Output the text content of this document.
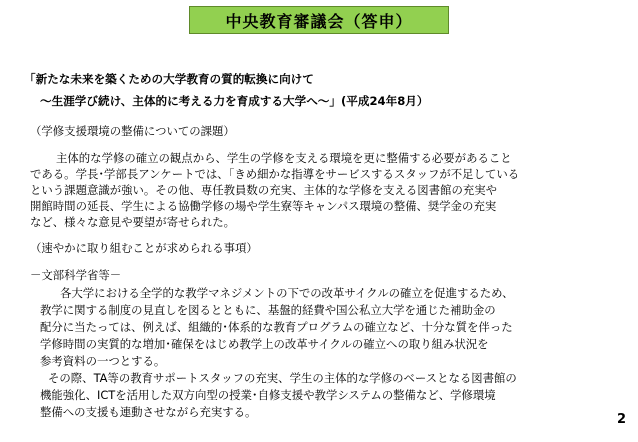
中央教育審議会（答申）
「新たな未来を築くための大学教育の質的転換に向けて
～生涯学び続け、主体的に考える力を育成する大学へ～」(平成24年8月）
（学修支援環境の整備についての課題）
主体的な学修の確立の観点から、学生の学修を支える環境を更に整備する必要があること
である。学長･学部長アンケートでは、「きめ細かな指導をサービスするスタッフが不足している
という課題意識が強い。その他、専任教員数の充実、主体的な学修を支える図書館の充実や
開館時間の延長、学生による協働学修の場や学生寮等キャンパス環境の整備、奨学金の充実
など、様々な意見や要望が寄せられた。
（速やかに取り組むことが求められる事項）
－文部科学省等－
各大学における全学的な教学マネジメントの下での改革サイクルの確立を促進するため、
教学に関する制度の見直しを図るとともに、基盤的経費や国公私立大学を通じた補助金の
配分に当たっては、例えば、組織的･体系的な教育プログラムの確立など、十分な質を伴った
学修時間の実質的な増加･確保をはじめ教学上の改革サイクルの確立への取り組み状況を
参考資料の一つとする。
その際、TA等の教育サポートスタッフの充実、学生の主体的な学修のベースとなる図書館の
機能強化、ICTを活用した双方向型の授業･自修支援や教学システムの整備など、学修環境
整備への支援も連動させながら充実する。	2
